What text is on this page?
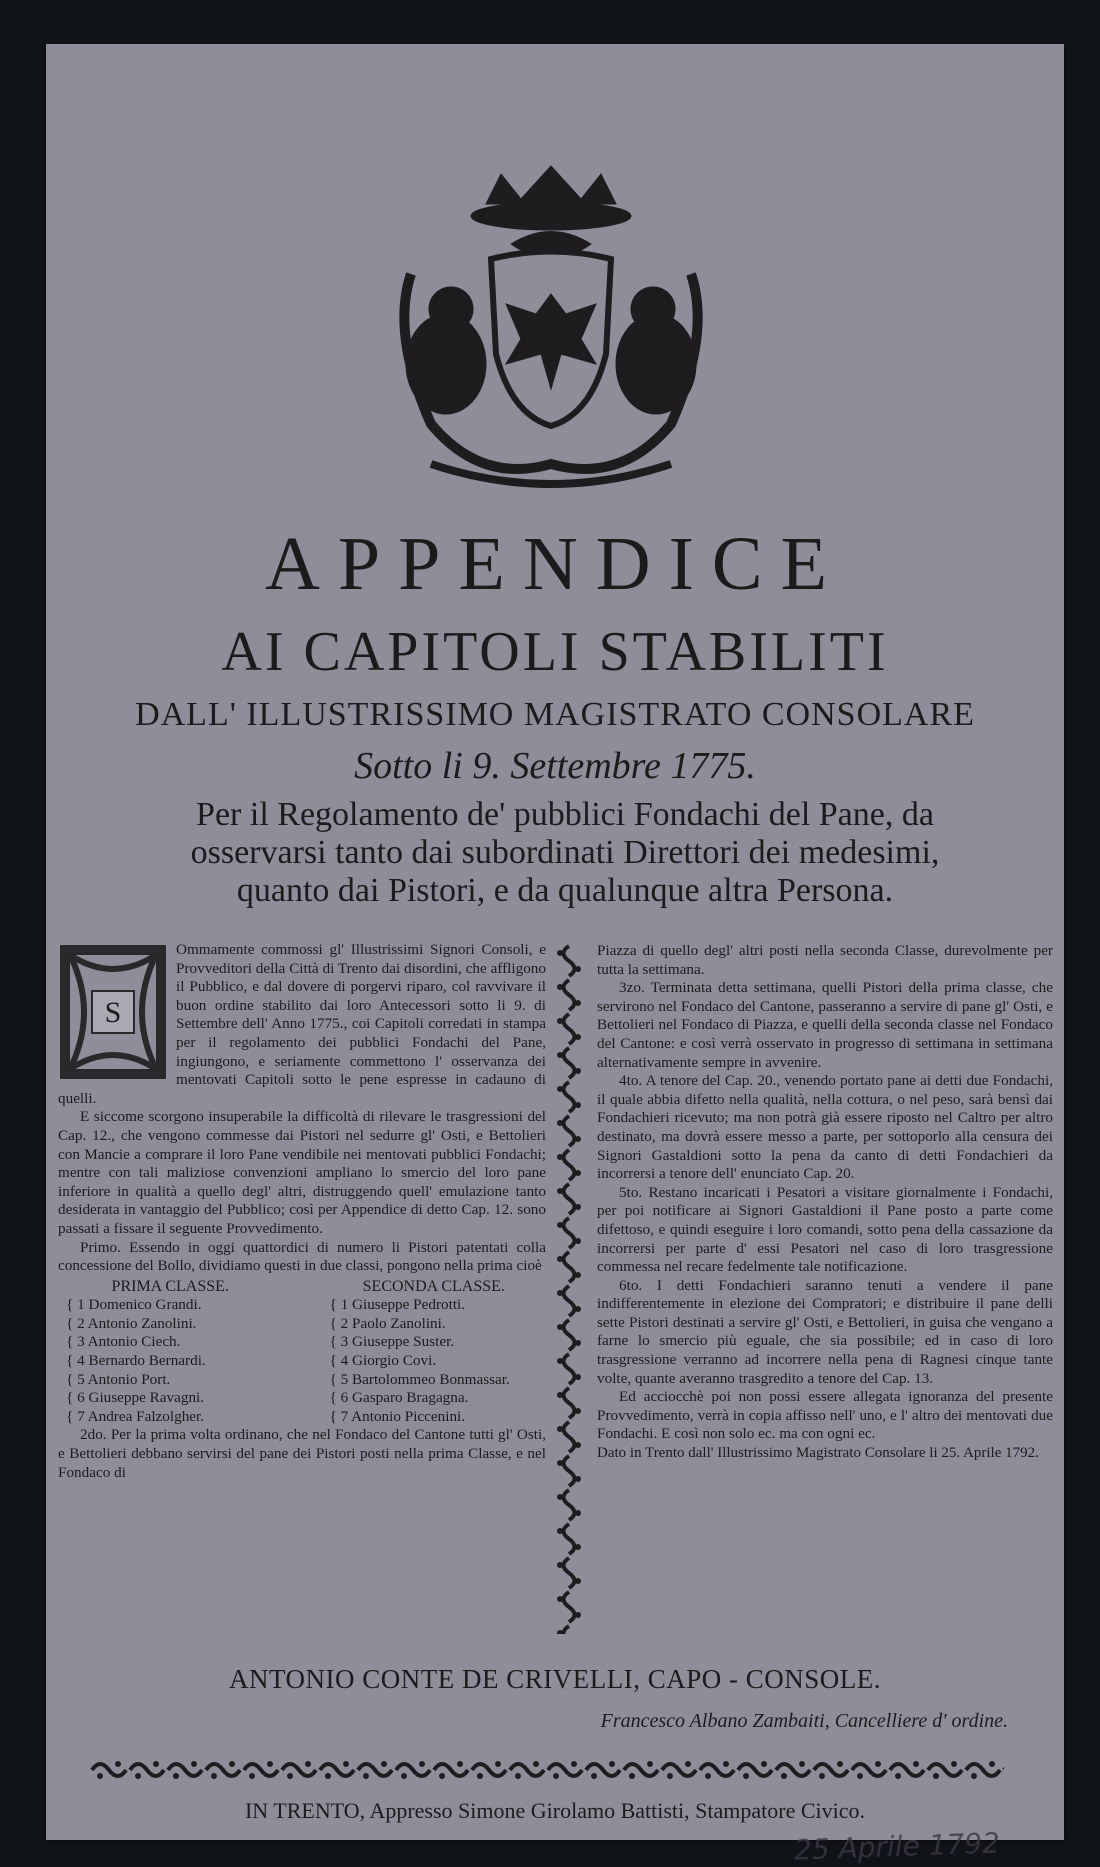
APPENDICE
AI CAPITOLI STABILITI
DALL' ILLUSTRISSIMO MAGISTRATO CONSOLARE
Sotto li 9. Settembre 1775.
Per il Regolamento de' pubblici Fondachi del Pane, da osservarsi tanto dai subordinati Direttori dei medesimi, quanto dai Pistori, e da qualunque altra Persona.
S

Ommamente commossi gl' Illustrissimi Signori Consoli, e Provveditori della Città di Trento dai disordini, che affligono il Pubblico, e dal dovere di porgervi riparo, col ravvivare il buon ordine stabilito dai loro Antecessori sotto li 9. di Settembre dell' Anno 1775., coi Capitoli corredati in stampa per il regolamento dei pubblici Fondachi del Pane, ingiungono, e seriamente commettono l' osservanza dei mentovati Capitoli sotto le pene espresse in cadauno di quelli.

E siccome scorgono insuperabile la difficoltà di rilevare le trasgressioni del Cap. 12., che vengono commesse dai Pistori nel sedurre gl' Osti, e Bettolieri con Mancie a comprare il loro Pane vendibile nei mentovati pubblici Fondachi; mentre con tali maliziose convenzioni ampliano lo smercio del loro pane inferiore in qualità a quello degl' altri, distruggendo quell' emulazione tanto desiderata in vantaggio del Pubblico; così per Appendice di detto Cap. 12. sono passati a fissare il seguente Provvedimento.

Primo. Essendo in oggi quattordici di numero li Pistori patentati colla concessione del Bollo, dividiamo questi in due classi, pongono nella prima cioè

PRIMA CLASSE.
{ 1 Domenico Grandi.
{ 2 Antonio Zanolini.
{ 3 Antonio Ciech.
{ 4 Bernardo Bernardi.
{ 5 Antonio Port.
{ 6 Giuseppe Ravagni.
{ 7 Andrea Falzolgher.
SECONDA CLASSE.
{ 1 Giuseppe Pedrotti.
{ 2 Paolo Zanolini.
{ 3 Giuseppe Suster.
{ 4 Giorgio Covi.
{ 5 Bartolommeo Bonmassar.
{ 6 Gasparo Bragagna.
{ 7 Antonio Piccenini.

2do. Per la prima volta ordinano, che nel Fondaco del Cantone tutti gl' Osti, e Bettolieri debbano servirsi del pane dei Pistori posti nella prima Classe, e nel Fondaco di

Piazza di quello degl' altri posti nella seconda Classe, durevolmente per tutta la settimana.

3zo. Terminata detta settimana, quelli Pistori della prima classe, che servirono nel Fondaco del Cantone, passeranno a servire di pane gl' Osti, e Bettolieri nel Fondaco di Piazza, e quelli della seconda classe nel Fondaco del Cantone: e così verrà osservato in progresso di settimana in settimana alternativamente sempre in avvenire.

4to. A tenore del Cap. 20., venendo portato pane ai detti due Fondachi, il quale abbia difetto nella qualità, nella cottura, o nel peso, sarà bensì dai Fondachieri ricevuto; ma non potrà già essere riposto nel Caltro per altro destinato, ma dovrà essere messo a parte, per sottoporlo alla censura dei Signori Gastaldioni sotto la pena da canto di detti Fondachieri da incorrersi a tenore dell' enunciato Cap. 20.

5to. Restano incaricati i Pesatori a visitare giornalmente i Fondachi, per poi notificare ai Signori Gastaldioni il Pane posto a parte come difettoso, e quindi eseguire i loro comandi, sotto pena della cassazione da incorrersi per parte d' essi Pesatori nel caso di loro trasgressione commessa nel recare fedelmente tale notificazione.

6to. I detti Fondachieri saranno tenuti a vendere il pane indifferentemente in elezione dei Compratori; e distribuire il pane delli sette Pistori destinati a servire gl' Osti, e Bettolieri, in guisa che vengano a farne lo smercio più eguale, che sia possibile; ed in caso di loro trasgressione verranno ad incorrere nella pena di Ragnesi cinque tante volte, quante averanno trasgredito a tenore del Cap. 13.

Ed acciocchè poi non possi essere allegata ignoranza del presente Provvedimento, verrà in copia affisso nell' uno, e l' altro dei mentovati due Fondachi. E così non solo ec. ma con ogni ec.

Dato in Trento dall' Illustrissimo Magistrato Consolare li 25. Aprile 1792.

ANTONIO CONTE DE CRIVELLI, CAPO - CONSOLE.
Francesco Albano Zambaiti, Cancelliere d' ordine.
IN TRENTO, Appresso Simone Girolamo Battisti, Stampatore Civico.
25 Aprile 1792
